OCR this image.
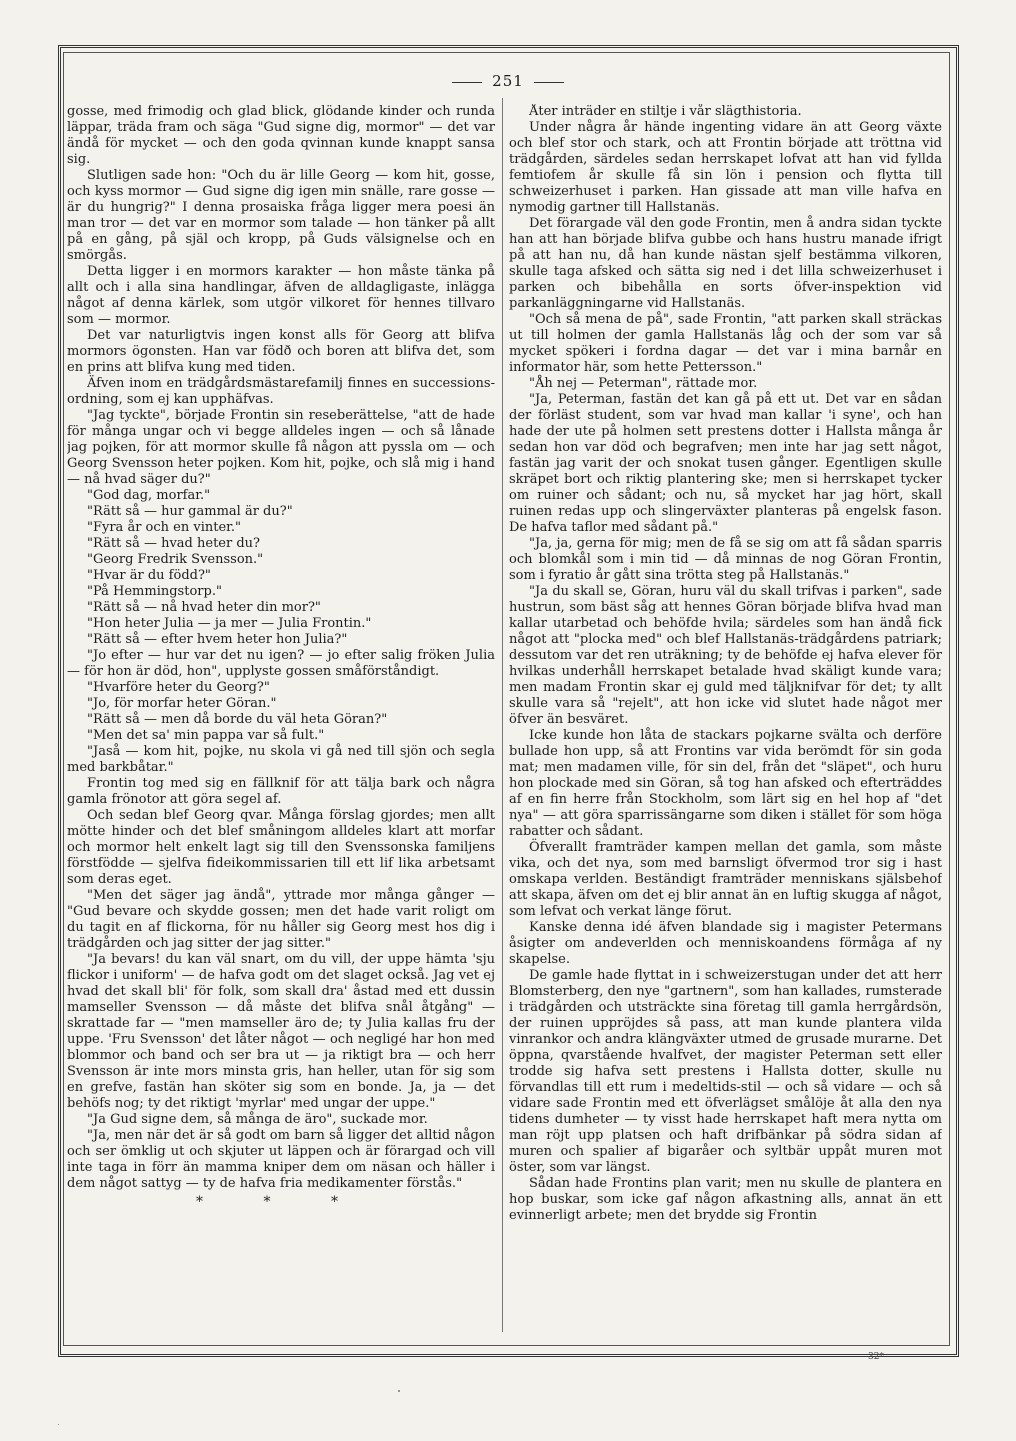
251

gosse, med frimodig och glad blick, glödande kinder och runda läppar, träda fram och säga "Gud signe dig, mormor" — det var ändå för mycket — och den goda qvinnan kunde knappt sansa sig.

Slutligen sade hon: "Och du är lille Georg — kom hit, gosse, och kyss mormor — Gud signe dig igen min snälle, rare gosse — är du hungrig?" I denna prosaiska fråga ligger mera poesi än man tror — det var en mormor som talade — hon tänker på allt på en gång, på själ och kropp, på Guds välsignelse och en smörgås.

Detta ligger i en mormors karakter — hon måste tänka på allt och i alla sina handlingar, äfven de alldagligaste, inlägga något af denna kärlek, som utgör vilkoret för hennes tillvaro som — mormor.

Det var naturligtvis ingen konst alls för Georg att blifva mormors ögonsten. Han var födð och boren att blifva det, som en prins att blifva kung med tiden.

Äfven inom en trädgårdsmästarefamilj finnes en successions-ordning, som ej kan upphäfvas.

"Jag tyckte", började Frontin sin reseberättelse, "att de hade för många ungar och vi begge alldeles ingen — och så lånade jag pojken, för att mormor skulle få någon att pyssla om — och Georg Svensson heter pojken. Kom hit, pojke, och slå mig i hand — nå hvad säger du?"

"God dag, morfar."

"Rätt så — hur gammal är du?"

"Fyra år och en vinter."

"Rätt så — hvad heter du?

"Georg Fredrik Svensson."

"Hvar är du född?"

"På Hemmingstorp."

"Rätt så — nå hvad heter din mor?"

"Hon heter Julia — ja mer — Julia Frontin."

"Rätt så — efter hvem heter hon Julia?"

"Jo efter — hur var det nu igen? — jo efter salig fröken Julia — för hon är död, hon", upplyste gossen småförståndigt.

"Hvarföre heter du Georg?"

"Jo, för morfar heter Göran."

"Rätt så — men då borde du väl heta Göran?"

"Men det sa' min pappa var så fult."

"Jaså — kom hit, pojke, nu skola vi gå ned till sjön och segla med barkbåtar."

Frontin tog med sig en fällknif för att tälja bark och några gamla frönotor att göra segel af.

Och sedan blef Georg qvar. Många förslag gjordes; men allt mötte hinder och det blef småningom alldeles klart att morfar och mormor helt enkelt lagt sig till den Svenssonska familjens förstfödde — sjelfva fideikommissarien till ett lif lika arbetsamt som deras eget.

"Men det säger jag ändå", yttrade mor många gånger — "Gud bevare och skydde gossen; men det hade varit roligt om du tagit en af flickorna, för nu håller sig Georg mest hos dig i trädgården och jag sitter der jag sitter."

"Ja bevars! du kan väl snart, om du vill, der uppe hämta 'sju flickor i uniform' — de hafva godt om det slaget också. Jag vet ej hvad det skall bli' för folk, som skall dra' åstad med ett dussin mamseller Svensson — då måste det blifva snål åtgång" — skrattade far — "men mamseller äro de; ty Julia kallas fru der uppe. 'Fru Svensson' det låter något — och negligé har hon med blommor och band och ser bra ut — ja riktigt bra — och herr Svensson är inte mors minsta gris, han heller, utan för sig som en grefve, fastän han sköter sig som en bonde. Ja, ja — det behöfs nog; ty det riktigt 'myrlar' med ungar der uppe."

"Ja Gud signe dem, så många de äro", suckade mor.

"Ja, men när det är så godt om barn så ligger det alltid någon och ser ömklig ut och skjuter ut läppen och är förargad och vill inte taga in förr än mamma kniper dem om näsan och häller i dem något sattyg — ty de hafva fria medikamenter förstås."

* * *

Åter inträder en stiltje i vår slägthistoria.

Under några år hände ingenting vidare än att Georg växte och blef stor och stark, och att Frontin började att tröttna vid trädgården, särdeles sedan herrskapet lofvat att han vid fyllda femtiofem år skulle få sin lön i pension och flytta till schweizerhuset i parken. Han gissade att man ville hafva en nymodig gartner till Hallstanäs.

Det förargade väl den gode Frontin, men å andra sidan tyckte han att han började blifva gubbe och hans hustru manade ifrigt på att han nu, då han kunde nästan sjelf bestämma vilkoren, skulle taga afsked och sätta sig ned i det lilla schweizerhuset i parken och bibehålla en sorts öfver-inspektion vid parkanläggningarne vid Hallstanäs.

"Och så mena de på", sade Frontin, "att parken skall sträckas ut till holmen der gamla Hallstanäs låg och der som var så mycket spökeri i fordna dagar — det var i mina barnår en informator här, som hette Pettersson."

"Åh nej — Peterman", rättade mor.

"Ja, Peterman, fastän det kan gå på ett ut. Det var en sådan der förläst student, som var hvad man kallar 'i syne', och han hade der ute på holmen sett prestens dotter i Hallsta många år sedan hon var död och begrafven; men inte har jag sett något, fastän jag varit der och snokat tusen gånger. Egentligen skulle skräpet bort och riktig plantering ske; men si herrskapet tycker om ruiner och sådant; och nu, så mycket har jag hört, skall ruinen redas upp och slingerväxter planteras på engelsk fason. De hafva taflor med sådant på."

"Ja, ja, gerna för mig; men de få se sig om att få sådan sparris och blomkål som i min tid — då minnas de nog Göran Frontin, som i fyratio år gått sina trötta steg på Hallstanäs."

"Ja du skall se, Göran, huru väl du skall trifvas i parken", sade hustrun, som bäst såg att hennes Göran började blifva hvad man kallar utarbetad och behöfde hvila; särdeles som han ändå fick något att "plocka med" och blef Hallstanäs-trädgårdens patriark; dessutom var det ren uträkning; ty de behöfde ej hafva elever för hvilkas underhåll herrskapet betalade hvad skäligt kunde vara; men madam Frontin skar ej guld med täljknifvar för det; ty allt skulle vara så "rejelt", att hon icke vid slutet hade något mer öfver än besväret.

Icke kunde hon låta de stackars pojkarne svälta och derföre bullade hon upp, så att Frontins var vida berömdt för sin goda mat; men madamen ville, för sin del, från det "släpet", och huru hon plockade med sin Göran, så tog han afsked och efterträddes af en fin herre från Stockholm, som lärt sig en hel hop af "det nya" — att göra sparrissängarne som diken i stället för som höga rabatter och sådant.

Öfverallt framträder kampen mellan det gamla, som måste vika, och det nya, som med barnsligt öfvermod tror sig i hast omskapa verlden. Beständigt framträder menniskans själsbehof att skapa, äfven om det ej blir annat än en luftig skugga af något, som lefvat och verkat länge förut.

Kanske denna idé äfven blandade sig i magister Petermans åsigter om andeverlden och menniskoandens förmåga af ny skapelse.

De gamle hade flyttat in i schweizerstugan under det att herr Blomsterberg, den nye "gartnern", som han kallades, rumsterade i trädgården och utsträckte sina företag till gamla herrgårdsön, der ruinen uppröjdes så pass, att man kunde plantera vilda vinrankor och andra klängväxter utmed de grusade murarne. Det öppna, qvarstående hvalfvet, der magister Peterman sett eller trodde sig hafva sett prestens i Hallsta dotter, skulle nu förvandlas till ett rum i medeltids-stil — och så vidare — och så vidare sade Frontin med ett öfverlägset smålöje åt alla den nya tidens dumheter — ty visst hade herrskapet haft mera nytta om man röjt upp platsen och haft drifbänkar på södra sidan af muren och spalier af bigaråer och syltbär uppåt muren mot öster, som var längst.

Sådan hade Frontins plan varit; men nu skulle de plantera en hop buskar, som icke gaf någon afkastning alls, annat än ett evinnerligt arbete; men det brydde sig Frontin

32*
